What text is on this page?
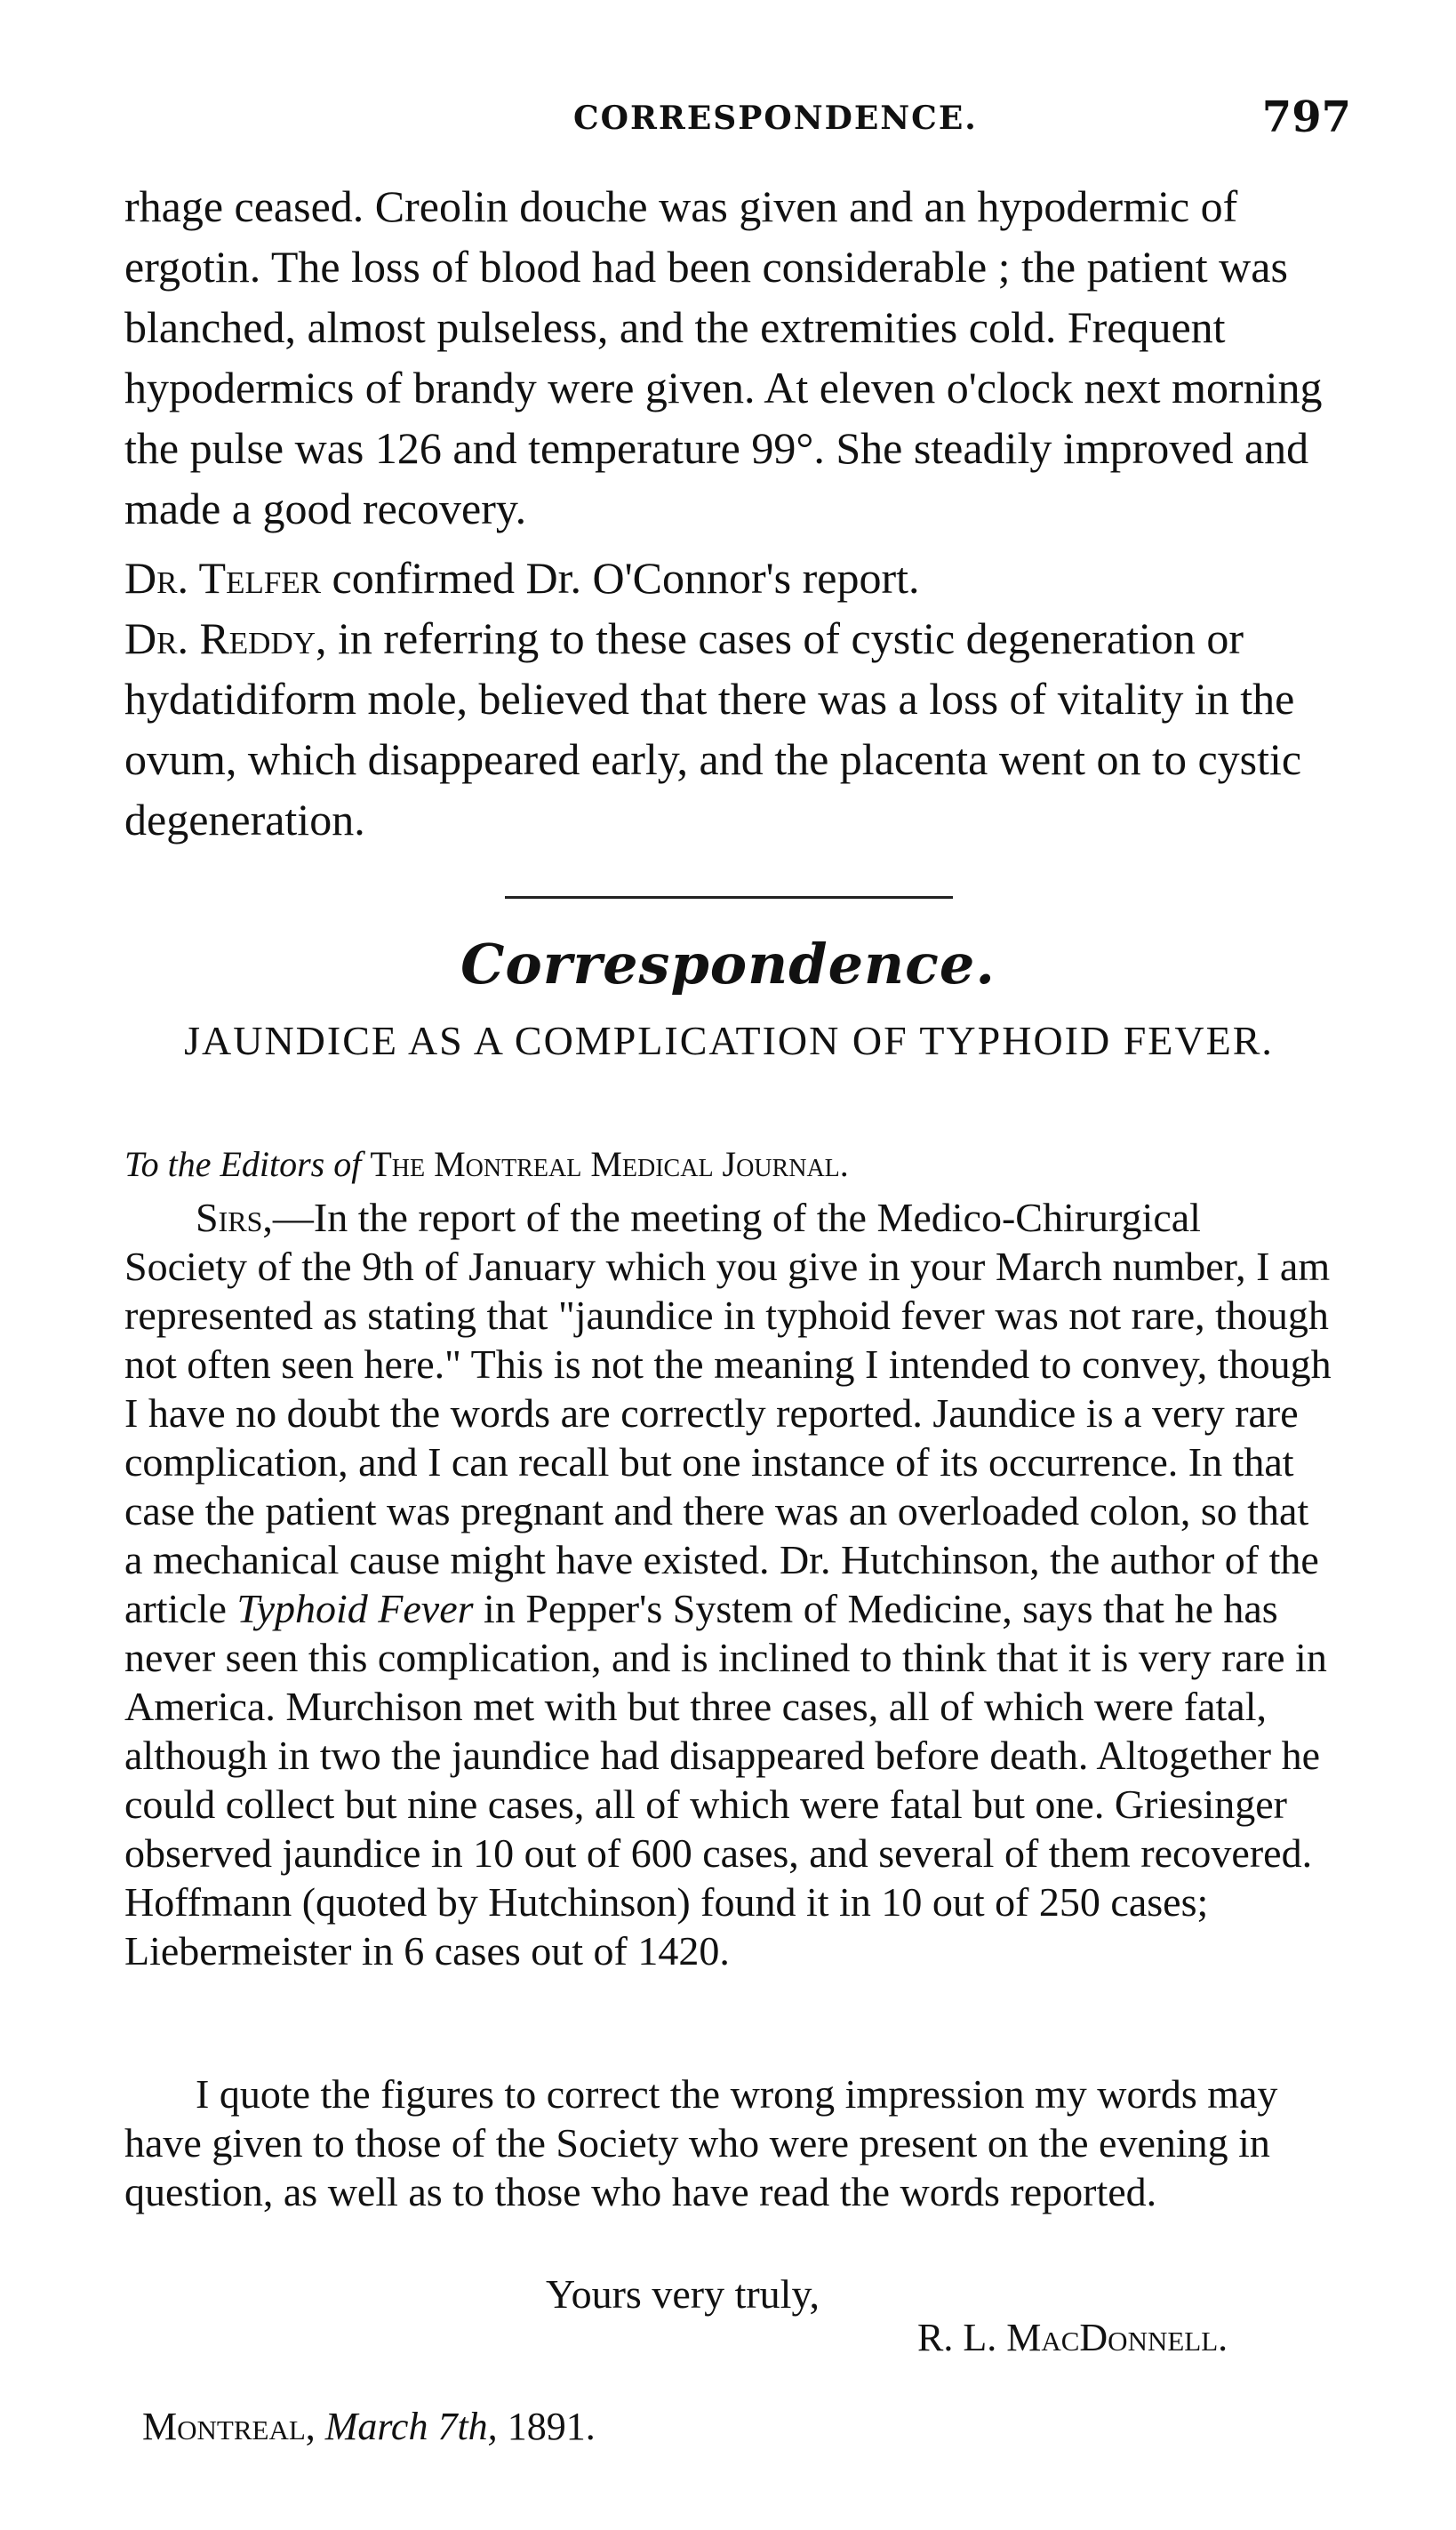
CORRESPONDENCE.	797
rhage ceased. Creolin douche was given and an hypodermic of ergotin. The loss of blood had been considerable ; the patient was blanched, almost pulseless, and the extremities cold. Frequent hypodermics of brandy were given. At eleven o'clock next morning the pulse was 126 and temperature 99°. She steadily improved and made a good recovery.
Dr. Telfer confirmed Dr. O'Connor's report.
Dr. Reddy, in referring to these cases of cystic degeneration or hydatidiform mole, believed that there was a loss of vitality in the ovum, which disappeared early, and the placenta went on to cystic degeneration.
Correspondence.
JAUNDICE AS A COMPLICATION OF TYPHOID FEVER.
To the Editors of The Montreal Medical Journal.
Sirs,—In the report of the meeting of the Medico-Chirurgical Society of the 9th of January which you give in your March number, I am represented as stating that "jaundice in typhoid fever was not rare, though not often seen here." This is not the meaning I intended to convey, though I have no doubt the words are correctly reported. Jaundice is a very rare complication, and I can recall but one instance of its occurrence. In that case the patient was pregnant and there was an overloaded colon, so that a mechanical cause might have existed. Dr. Hutchinson, the author of the article Typhoid Fever in Pepper's System of Medicine, says that he has never seen this complication, and is inclined to think that it is very rare in America. Murchison met with but three cases, all of which were fatal, although in two the jaundice had disappeared before death. Altogether he could collect but nine cases, all of which were fatal but one. Griesinger observed jaundice in 10 out of 600 cases, and several of them recovered. Hoffmann (quoted by Hutchinson) found it in 10 out of 250 cases; Liebermeister in 6 cases out of 1420.
I quote the figures to correct the wrong impression my words may have given to those of the Society who were present on the evening in question, as well as to those who have read the words reported.
Yours very truly,
R. L. MacDonnell.
Montreal, March 7th, 1891.
